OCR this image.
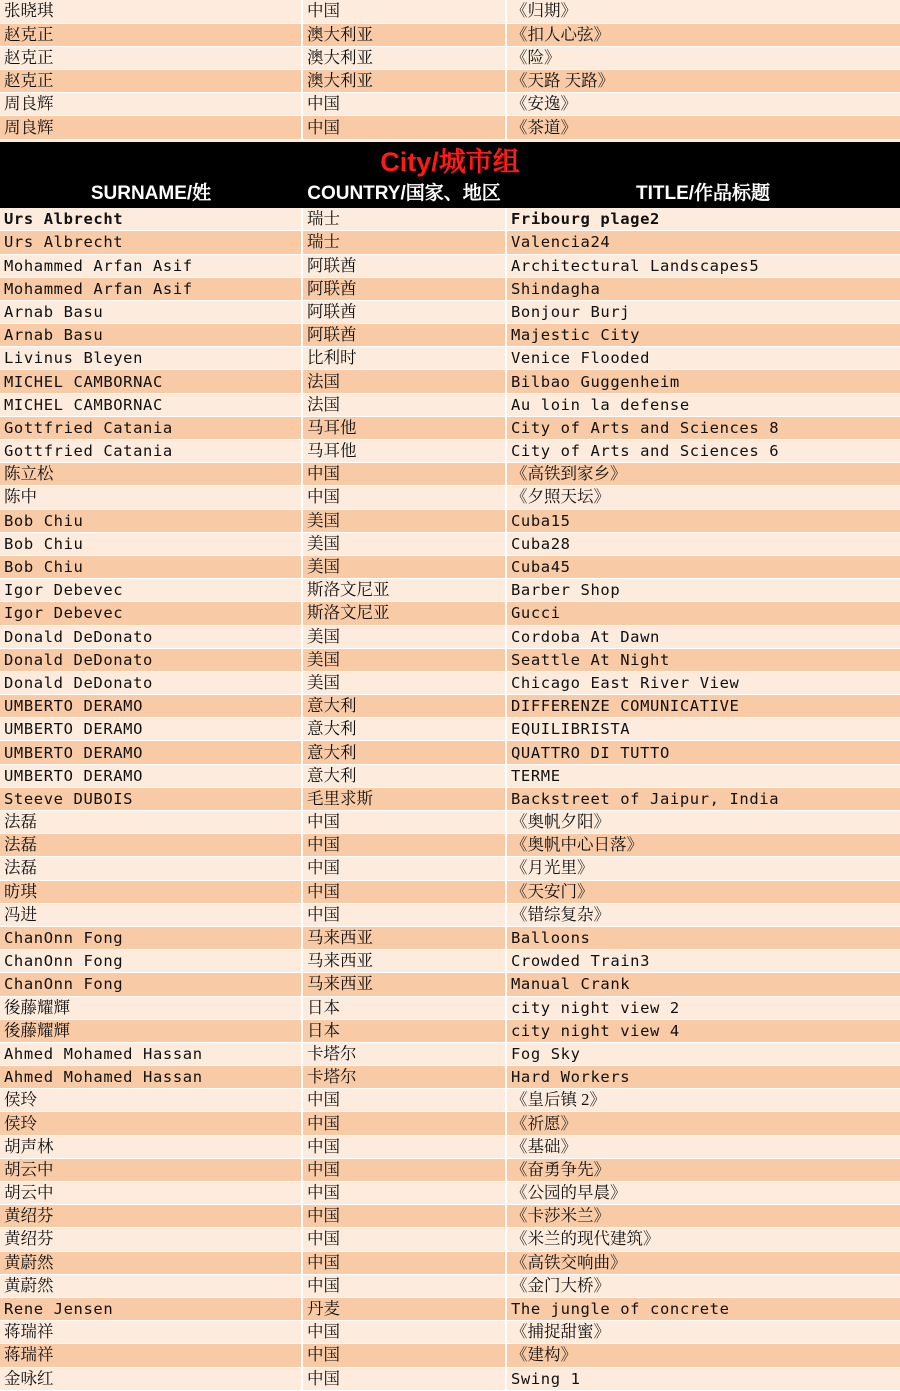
张晓琪	中国	《归期》
赵克正	澳大利亚	《扣人心弦》
赵克正	澳大利亚	《险》
赵克正	澳大利亚	《天路 天路》
周良辉	中国	《安逸》
周良辉	中国	《茶道》
City/城市组
SURNAME/姓	COUNTRY/国家、地区	TITLE/作品标题
Urs Albrecht	瑞士	Fribourg plage2
Urs Albrecht	瑞士	Valencia24
Mohammed Arfan Asif	阿联酋	Architectural Landscapes5
Mohammed Arfan Asif	阿联酋	Shindagha
Arnab Basu	阿联酋	Bonjour Burj
Arnab Basu	阿联酋	Majestic City
Livinus Bleyen	比利时	Venice Flooded
MICHEL CAMBORNAC	法国	Bilbao Guggenheim
MICHEL CAMBORNAC	法国	Au loin la defense
Gottfried Catania	马耳他	City of Arts and Sciences 8
Gottfried Catania	马耳他	City of Arts and Sciences 6
陈立松	中国	《高铁到家乡》
陈中	中国	《夕照天坛》
Bob Chiu	美国	Cuba15
Bob Chiu	美国	Cuba28
Bob Chiu	美国	Cuba45
Igor Debevec	斯洛文尼亚	Barber Shop
Igor Debevec	斯洛文尼亚	Gucci
Donald DeDonato	美国	Cordoba At Dawn
Donald DeDonato	美国	Seattle At Night
Donald DeDonato	美国	Chicago East River View
UMBERTO DERAMO	意大利	DIFFERENZE COMUNICATIVE
UMBERTO DERAMO	意大利	EQUILIBRISTA
UMBERTO DERAMO	意大利	QUATTRO DI TUTTO
UMBERTO DERAMO	意大利	TERME
Steeve DUBOIS	毛里求斯	Backstreet of Jaipur, India
法磊	中国	《奥帆夕阳》
法磊	中国	《奥帆中心日落》
法磊	中国	《月光里》
昉琪	中国	《天安门》
冯进	中国	《错综复杂》
ChanOnn Fong	马来西亚	Balloons
ChanOnn Fong	马来西亚	Crowded Train3
ChanOnn Fong	马来西亚	Manual Crank
後藤耀輝	日本	city night view 2
後藤耀輝	日本	city night view 4
Ahmed Mohamed Hassan	卡塔尔	Fog Sky
Ahmed Mohamed Hassan	卡塔尔	Hard Workers
侯玲	中国	《皇后镇 2》
侯玲	中国	《祈愿》
胡声林	中国	《基础》
胡云中	中国	《奋勇争先》
胡云中	中国	《公园的早晨》
黄绍芬	中国	《卡莎米兰》
黄绍芬	中国	《米兰的现代建筑》
黄蔚然	中国	《高铁交响曲》
黄蔚然	中国	《金门大桥》
Rene Jensen	丹麦	The jungle of concrete
蒋瑞祥	中国	《捕捉甜蜜》
蒋瑞祥	中国	《建构》
金咏红	中国	Swing 1
